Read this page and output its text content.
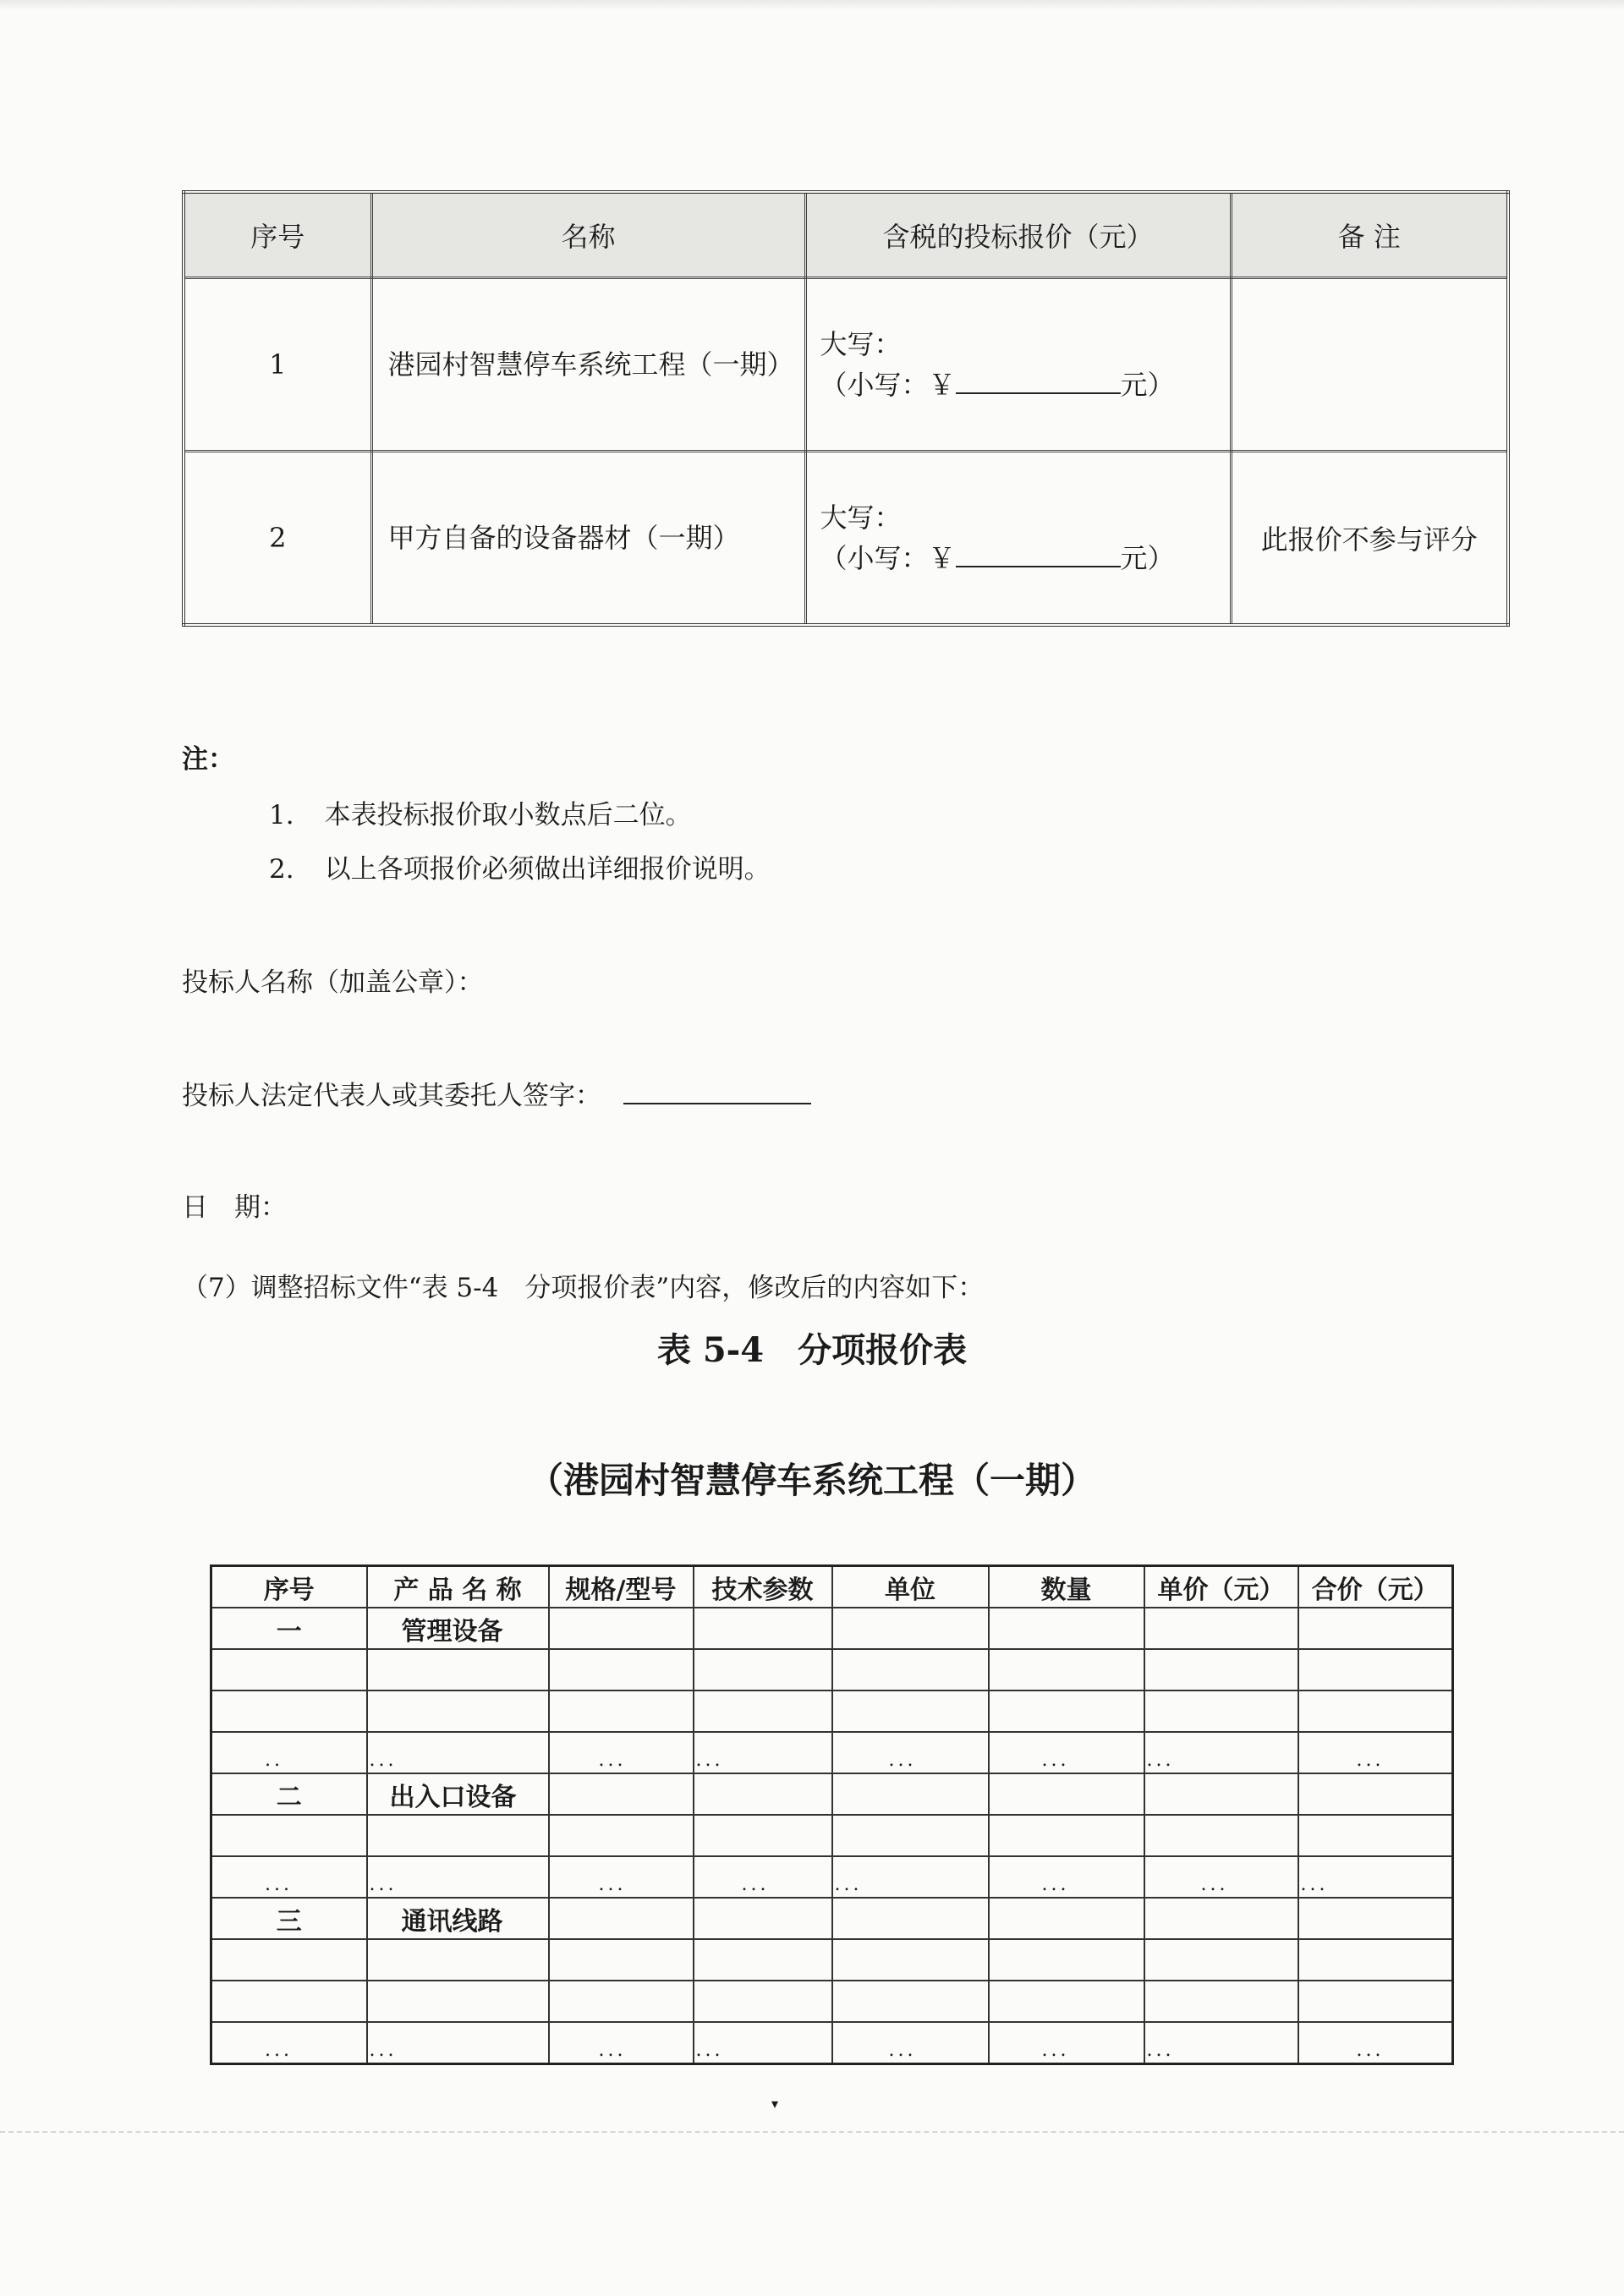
序号	名称	含税的投标报价（元）	备 注
1	港园村智慧停车系统工程（一期）	大写：
（小写：￥ 元）	

2	甲方自备的设备器材（一期）	大写：
（小写：￥ 元）	此报价不参与评分
注：
1. 本表投标报价取小数点后二位。
2. 以上各项报价必须做出详细报价说明。
投标人名称（加盖公章）：
投标人法定代表人或其委托人签字：
日　期：
（7）调整招标文件“表 5-4　分项报价表”内容，修改后的内容如下：
表 5-4　分项报价表
（港园村智慧停车系统工程（一期）
序号	产 品 名 称	规格/型号	技术参数	单位	数量	单价（元）	合价（元）
一	管理设备						

..	...	...	...	...	...	...	...
二	出入口设备						

...	...	...	...	...	...	...	...
三	通讯线路						

...	...	...	...	...	...	...	...
▾
